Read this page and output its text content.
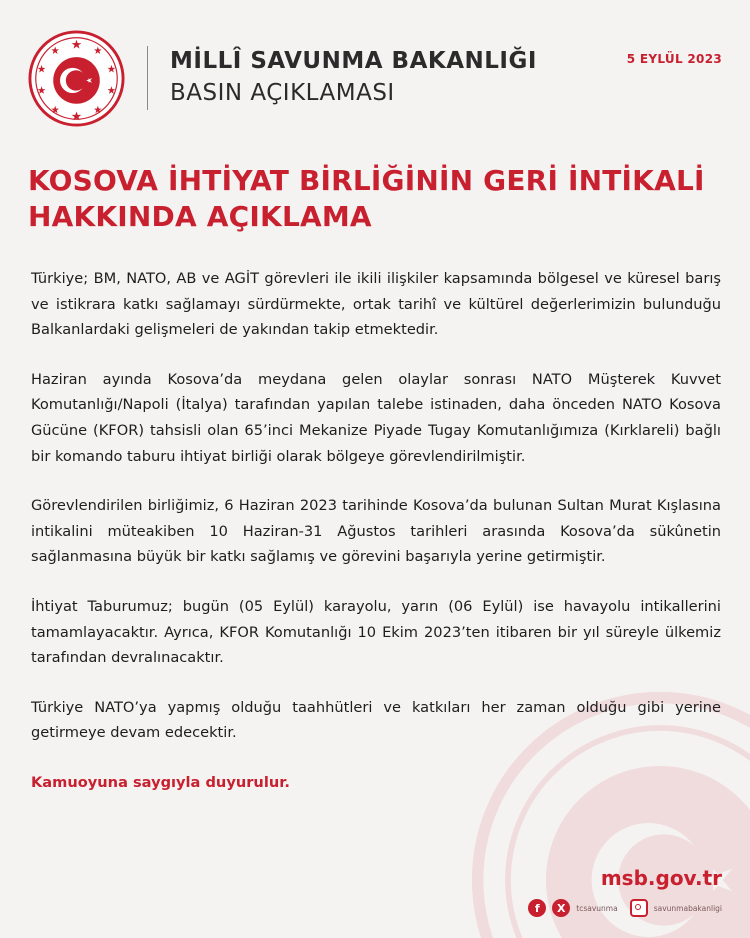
MİLLÎ SAVUNMA BAKANLIĞI
BASIN AÇIKLAMASI
5 EYLÜL 2023
KOSOVA İHTİYAT BİRLİĞİNİN GERİ İNTİKALİ
HAKKINDA AÇIKLAMA

Türkiye; BM, NATO, AB ve AGİT görevleri ile ikili ilişkiler kapsamında bölgesel ve küresel barış ve istikrara katkı sağlamayı sürdürmekte, ortak tarihî ve kültürel değerlerimizin bulunduğu Balkanlardaki gelişmeleri de yakından takip etmektedir.

Haziran ayında Kosova’da meydana gelen olaylar sonrası NATO Müşterek Kuvvet Komutanlığı/Napoli (İtalya) tarafından yapılan talebe istinaden, daha önceden NATO Kosova Gücüne (KFOR) tahsisli olan 65’inci Mekanize Piyade Tugay Komutanlığımıza (Kırklareli) bağlı bir komando taburu ihtiyat birliği olarak bölgeye görevlendirilmiştir.

Görevlendirilen birliğimiz, 6 Haziran 2023 tarihinde Kosova’da bulunan Sultan Murat Kışlasına intikalini müteakiben 10 Haziran-31 Ağustos tarihleri arasında Kosova’da sükûnetin sağlanmasına büyük bir katkı sağlamış ve görevini başarıyla yerine getirmiştir.

İhtiyat Taburumuz; bugün (05 Eylül) karayolu, yarın (06 Eylül) ise havayolu intikallerini tamamlayacaktır. Ayrıca, KFOR Komutanlığı 10 Ekim 2023’ten itibaren bir yıl süreyle ülkemiz tarafından devralınacaktır.

Türkiye NATO’ya yapmış olduğu taahhütleri ve katkıları her zaman olduğu gibi yerine getirmeye devam edecektir.

Kamuoyuna saygıyla duyurulur.

msb.gov.tr
f	X	tcsavunma	savunmabakanligi
